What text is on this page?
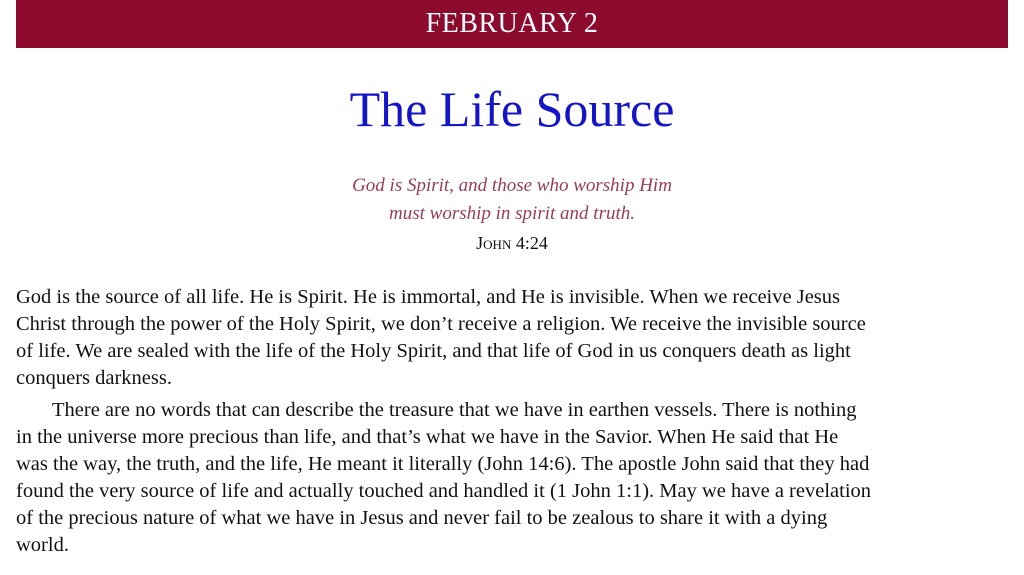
FEBRUARY 2
The Life Source
God is Spirit, and those who worship Him
must worship in spirit and truth.
John 4:24

God is the source of all life. He is Spirit. He is immortal, and He is invisible. When we receive Jesus
Christ through the power of the Holy Spirit, we don’t receive a religion. We receive the invisible source
of life. We are sealed with the life of the Holy Spirit, and that life of God in us conquers death as light
conquers darkness.

There are no words that can describe the treasure that we have in earthen vessels. There is nothing
in the universe more precious than life, and that’s what we have in the Savior. When He said that He
was the way, the truth, and the life, He meant it literally (John 14:6). The apostle John said that they had
found the very source of life and actually touched and handled it (1 John 1:1). May we have a revelation
of the precious nature of what we have in Jesus and never fail to be zealous to share it with a dying
world.
